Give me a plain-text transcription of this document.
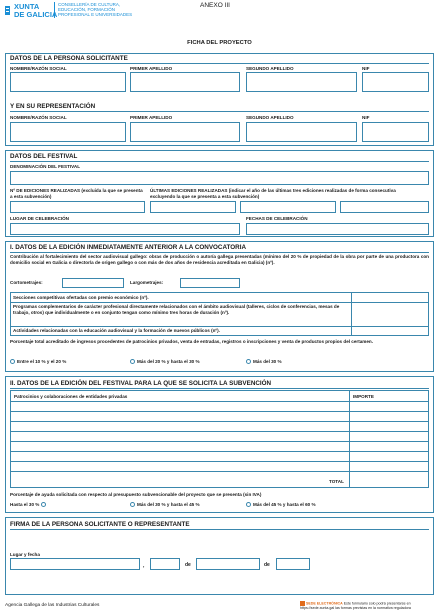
XUNTA
DE GALICIA
CONSELLERÍA DE CULTURA,
EDUCACIÓN, FORMACIÓN
PROFESIONAL E UNIVERSIDADES
ANEXO III
FICHA DEL PROYECTO
DATOS DE LA PERSONA SOLICITANTE
NOMBRE/RAZÓN SOCIAL	PRIMER APELLIDO	SEGUNDO APELLIDO	NIF
Y EN SU REPRESENTACIÓN
NOMBRE/RAZÓN SOCIAL	PRIMER APELLIDO	SEGUNDO APELLIDO	NIF
DATOS DEL FESTIVAL
DENOMINACIÓN DEL FESTIVAL
Nº DE EDICIONES REALIZADAS (excluida la que se presenta a esta subvención)
ÚLTIMAS EDICIONES REALIZADAS (indicar el año de las últimas tres ediciones realizadas de forma consecutiva excluyendo la que se presenta a esta subvención)
LUGAR DE CELEBRACIÓN	FECHAS DE CELEBRACIÓN
I. DATOS DE LA EDICIÓN INMEDIATAMENTE ANTERIOR A LA CONVOCATORIA
Contribución al fortalecimiento del sector audiovisual gallego: obras de producción o autoría gallega presentadas (mínimo del 20 % de propiedad de la obra por parte de una productora con domicilio social en Galicia o director/a de origen gallego o con más de dos años de residencia acreditada en Galicia) (nº).
Cortometrajes:	Largometrajes:
Secciones competitivas ofertadas con premio económico (nº).
Programas complementarios de carácter profesional directamente relacionados con el ámbito audiovisual (talleres, ciclos de conferencias, mesas de trabajo, otros) que individualmente o en conjunto tengan como mínimo tres horas de duración (nº).
Actividades relacionadas con la educación audiovisual y la formación de nuevos públicos (nº).
Porcentaje total acreditado de ingresos procedentes de patrocinios privados, venta de entradas, registros o inscripciones y venta de productos propios del certamen.
Entre el 10 % y el 20 %	Más del 20 % y hasta el 30 %	Más del 30 %
II. DATOS DE LA EDICIÓN DEL FESTIVAL PARA LA QUE SE SOLICITA LA SUBVENCIÓN
Patrocinios y colaboraciones de entidades privadas	IMPORTE
TOTAL
Porcentaje de ayuda solicitada con respecto al presupuesto subvencionable del proyecto que se presenta (sin IVA)
Hasta el 30 %	Más del 30 % y hasta el 45 %	Más del 45 % y hasta el 60 %
FIRMA DE LA PERSONA SOLICITANTE O REPRESENTANTE
Lugar y fecha
,	de	de
Agencia Gallega de las Industrias Culturales	SEDE ELECTRÓNICA Este formulario solo podrá presentarse en https://sede.xunta.gal las formas previstas en la normativa reguladora
